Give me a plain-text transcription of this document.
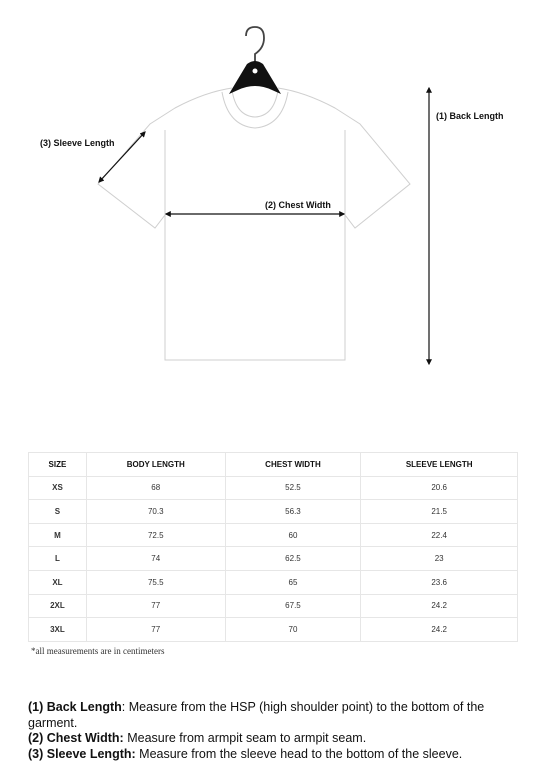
(3) Sleeve Length
(2) Chest Width
(1) Back Length
SIZE	BODY LENGTH	CHEST WIDTH	SLEEVE LENGTH
XS	68	52.5	20.6
S	70.3	56.3	21.5
M	72.5	60	22.4
L	74	62.5	23
XL	75.5	65	23.6
2XL	77	67.5	24.2
3XL	77	70	24.2
*all measurements are in centimeters

(1) Back Length: Measure from the HSP (high shoulder point) to the bottom of the garment.

(2) Chest Width: Measure from armpit seam to armpit seam.

(3) Sleeve Length: Measure from the sleeve head to the bottom of the sleeve.
